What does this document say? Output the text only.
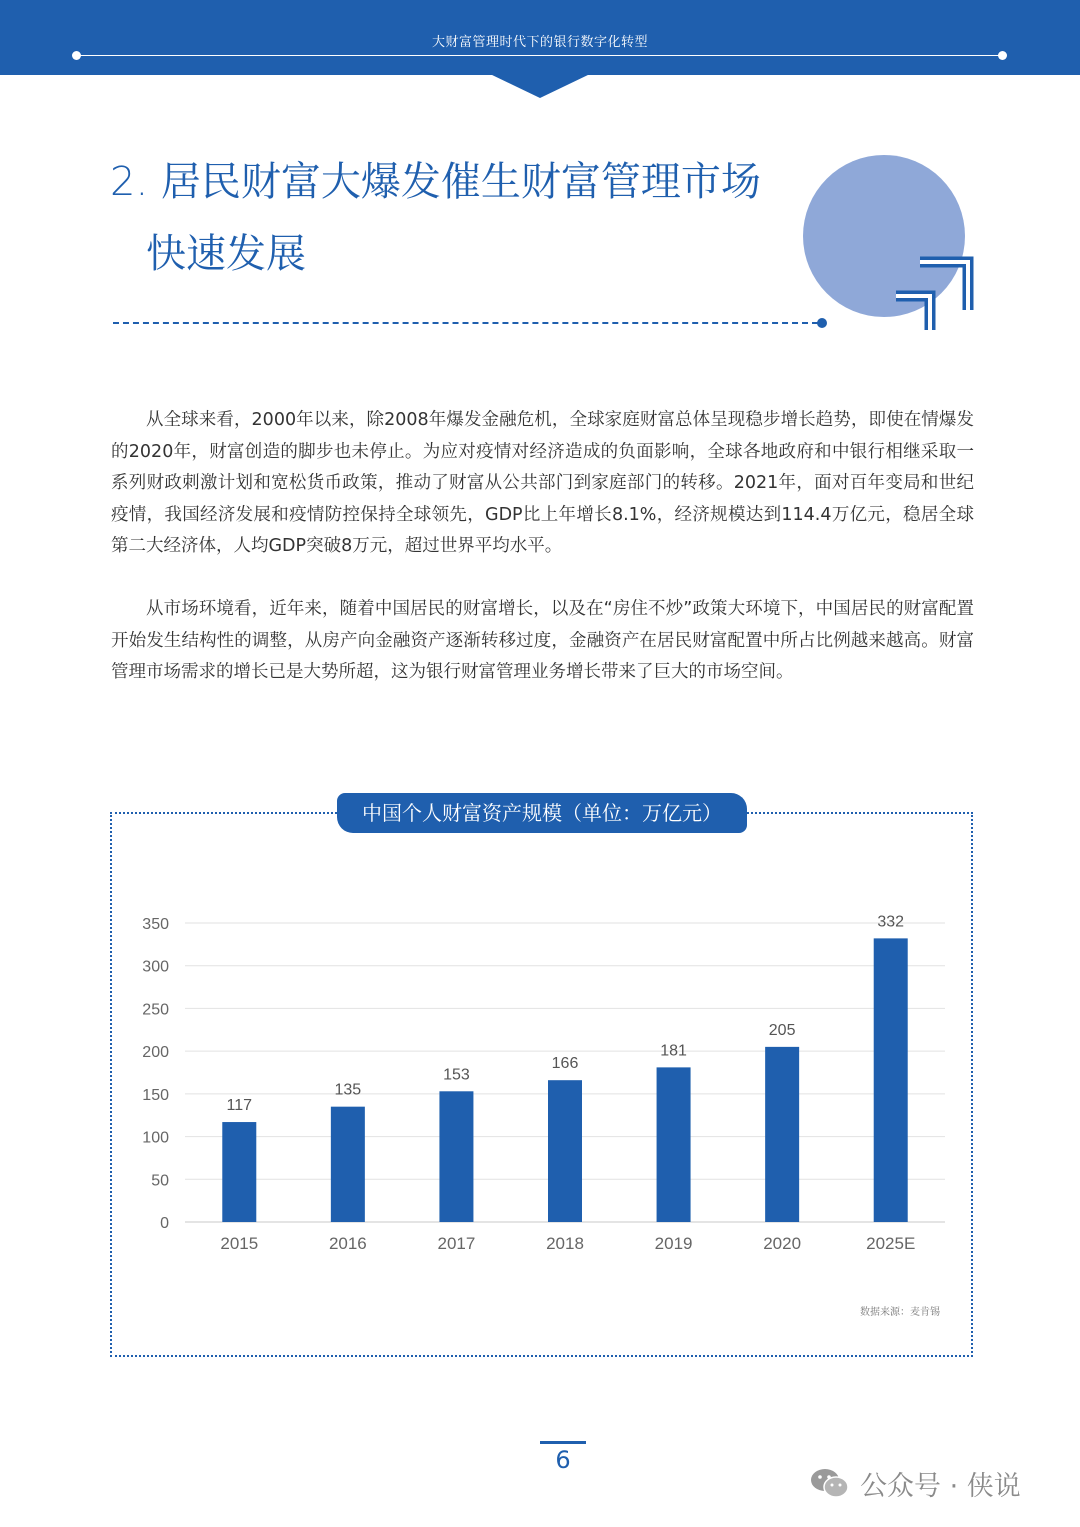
大财富管理时代下的银行数字化转型
2. 居民财富大爆发催生财富管理市场
快速发展

从全球来看，2000年以来，除2008年爆发金融危机，全球家庭财富总体呈现稳步增长趋势，即使在情爆发的2020年，财富创造的脚步也未停止。为应对疫情对经济造成的负面影响，全球各地政府和中银行相继采取一系列财政刺激计划和宽松货币政策，推动了财富从公共部门到家庭部门的转移。2021年，面对百年变局和世纪疫情，我国经济发展和疫情防控保持全球领先，GDP比上年增长8.1%，经济规模达到114.4万亿元，稳居全球第二大经济体，人均GDP突破8万元，超过世界平均水平。

从市场环境看，近年来，随着中国居民的财富增长，以及在“房住不炒”政策大环境下，中国居民的财富配置开始发生结构性的调整，从房产向金融资产逐渐转移过度，金融资产在居民财富配置中所占比例越来越高。财富管理市场需求的增长已是大势所超，这为银行财富管理业务增长带来了巨大的市场空间。

中国个人财富资产规模（单位：万亿元）
0
50
100
150
200
250
300
350
117
2015
135
2016
153
2017
166
2018
181
2019
205
2020
332
2025E
数据来源：麦肯锡
6
公众号 · 侠说
